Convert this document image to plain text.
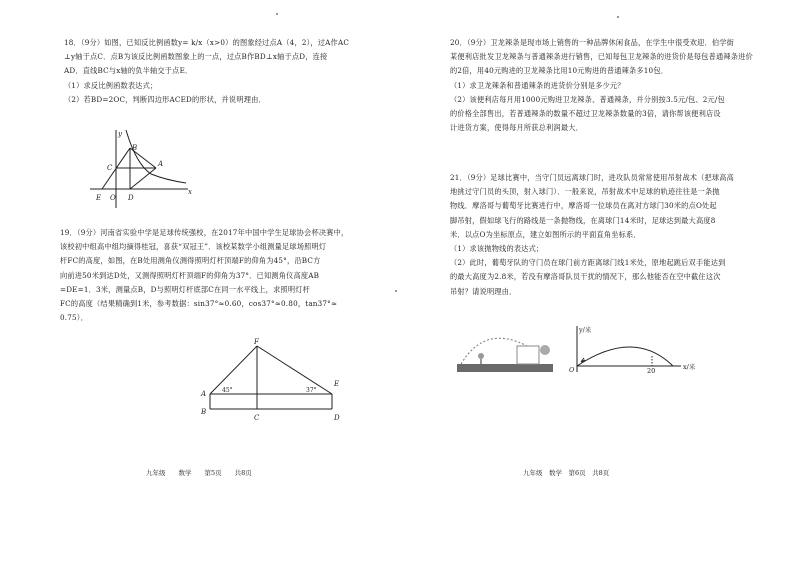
18．（9分）如图，已知反比例函数y= k/x（x>0）的图象经过点A（4，2），过A作AC

⊥y轴于点C．点B为该反比例函数图象上的一点，过点B作BD⊥x轴于点D，连接

AD．直线BC与x轴的负半轴交于点E．

（1）求反比例函数表达式；

（2）若BD=2OC，判断四边形ACED的形状，并说明理由．

y
x
B
A
C
E O D

19．（9分）河南省实验中学是足球传统强校，在2017年中国中学生足球协会杯决赛中，

该校初中组高中组均摘得桂冠，喜获“双冠王”．该校某数学小组测量足球场照明灯

杆FC的高度，如图，在B处用测角仪测得照明灯杆顶端F的仰角为45°，沿BC方

向前进50米到达D处，又测得照明灯杆顶端F的仰角为37°．已知测角仪高度AB

=DE=1．3米，测量点B，D与照明灯杆底部C在同一水平线上，求照明灯杆

FC的高度（结果精确到1米，参考数据：sin37°≈0.60，cos37°≈0.80，tan37°≈

0.75）．

F
A
B
C
E
D
45°	37°
九年级　　数学　　第5页　　共8页

20．（9分）卫龙辣条是现市场上销售的一种品牌休闲食品，在学生中很受欢迎．伯学街

某便利店批发卫龙辣条与普通辣条进行销售，已知每包卫龙辣条的进货价是每包普通辣条进价

的2倍，用40元购进的卫龙辣条比用10元购进的普通辣条多10包．

（1）求卫龙辣条和普通辣条的进货价分别是多少元？

（2）该便利店每月用1000元购进卫龙辣条、普通辣条，并分别按3.5元/包、2元/包

的价格全部售出，若普通辣条的数量不超过卫龙辣条数量的3倍，请你帮该便利店设

计进货方案，使得每月所获总利润最大．

21．（9分）足球比赛中，当守门员远离球门时，进攻队员常常使用吊射战术（把球高高

地挑过守门员的头顶，射入球门）．一般来说，吊射战术中足球的轨迹往往是一条抛

物线．摩洛哥与葡萄牙比赛进行中，摩洛哥一位球员在离对方球门30米的点O处起

脚吊射，假如球飞行的路线是一条抛物线，在离球门14米时，足球达到最大高度8

米．以点O为坐标原点，建立如图所示的平面直角坐标系．

（1）求该抛物线的表达式；

（2）此时，葡萄牙队的守门员在球门前方距离球门线1米处，原地起跳后双手能达到

的最大高度为2.8米，若没有摩洛哥队员干扰的情况下，那么他能否在空中截住这次

吊射？请说明理由．

y/米
x/米
O	20
九年级　数学　第6页　共8页
